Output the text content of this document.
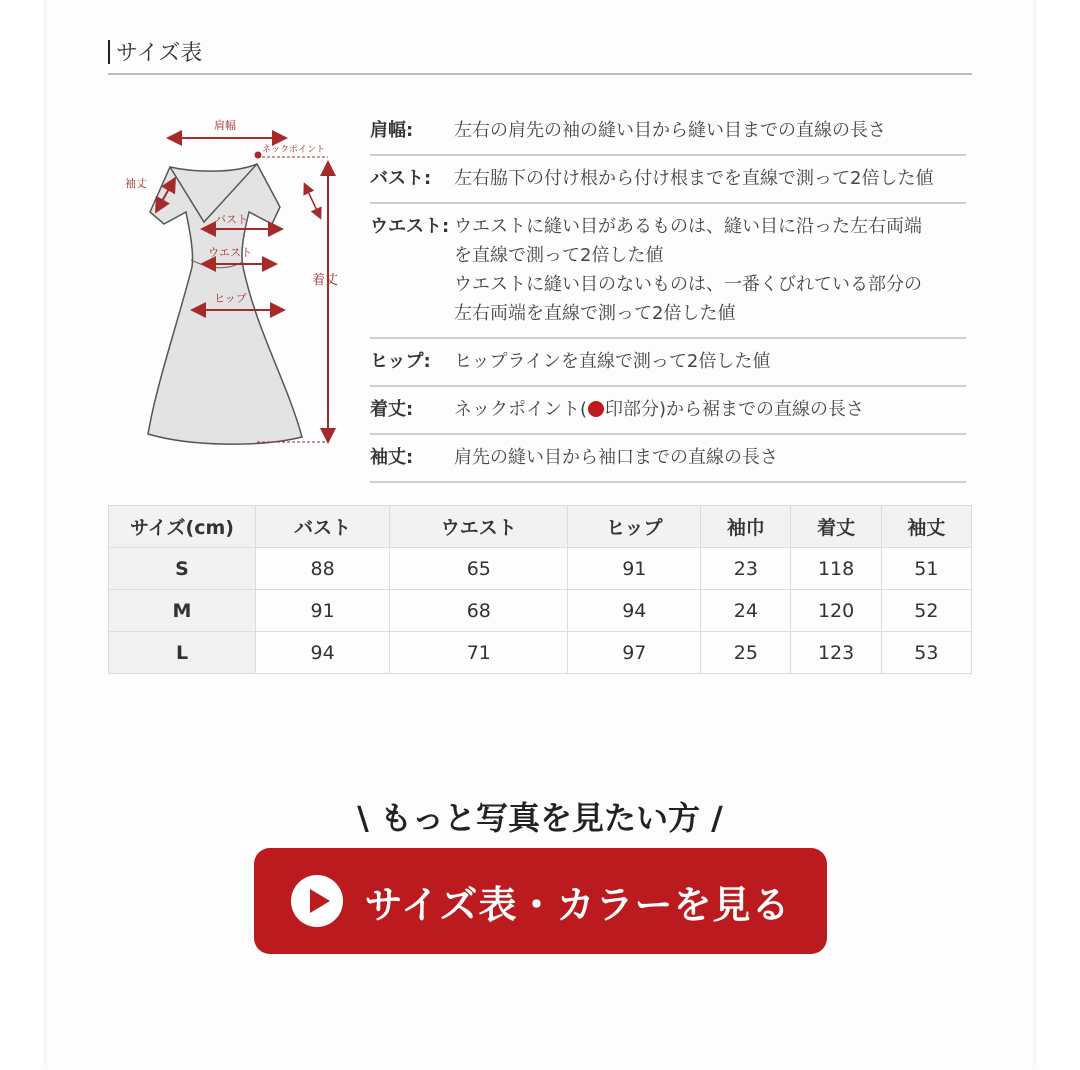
サイズ表
肩幅
ネックポイント
着丈
袖丈
バスト
ウエスト
ヒップ
肩幅:	左右の肩先の袖の縫い目から縫い目までの直線の長さ
バスト:	左右脇下の付け根から付け根までを直線で測って2倍した値
ウエスト: ウエストに縫い目があるものは、縫い目に沿った左右両端
を直線で測って2倍した値
ウエストに縫い目のないものは、一番くびれている部分の
左右両端を直線で測って2倍した値
ヒップ:	ヒップラインを直線で測って2倍した値
着丈:	ネックポイント( 印部分)から裾までの直線の長さ
袖丈:	肩先の縫い目から袖口までの直線の長さ
サイズ(cm)	バスト	ウエスト	ヒップ	袖巾	着丈	袖丈
S	88	65	91	23	118	51
M	91	68	94	24	120	52
L	94	71	97	25	123	53
\ もっと写真を見たい方 /
サイズ表・カラーを見る
